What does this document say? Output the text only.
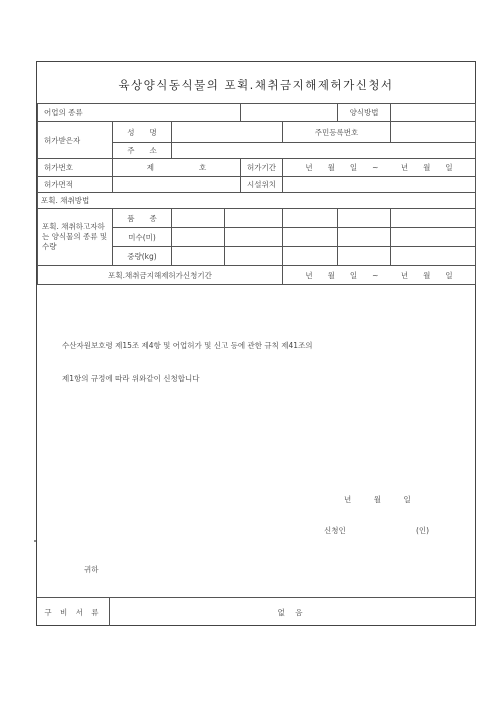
육상양식동식물의 포획.채취금지해제허가신청서
어업의 종류						양식방법	
허가받은자	성　　명				주민등록번호		
	주　　소						
허가번호	제　　　　　　호			허가기간	년　　월　　일　　~　　　년　　월　　일		
허가면적				시설위치			
포획. 채취방법							
포획. 채취하고자하는 양식물의 종류 및 수량	품　　종						
	미수(미)						
	중량(kg)						
포획.채취금지해제허가신청기간					년　　월　　일　　~　　　년　　월　　일		
수산자원보호령 제15조 제4항 및 어업허가 및 신고 등에 관한 규칙 제41조의
제1항의 규정에 따라 위와같이 신청합니다
년　　　월　　　일
신청인	(인)
귀하
구 비 서 류	없 음
